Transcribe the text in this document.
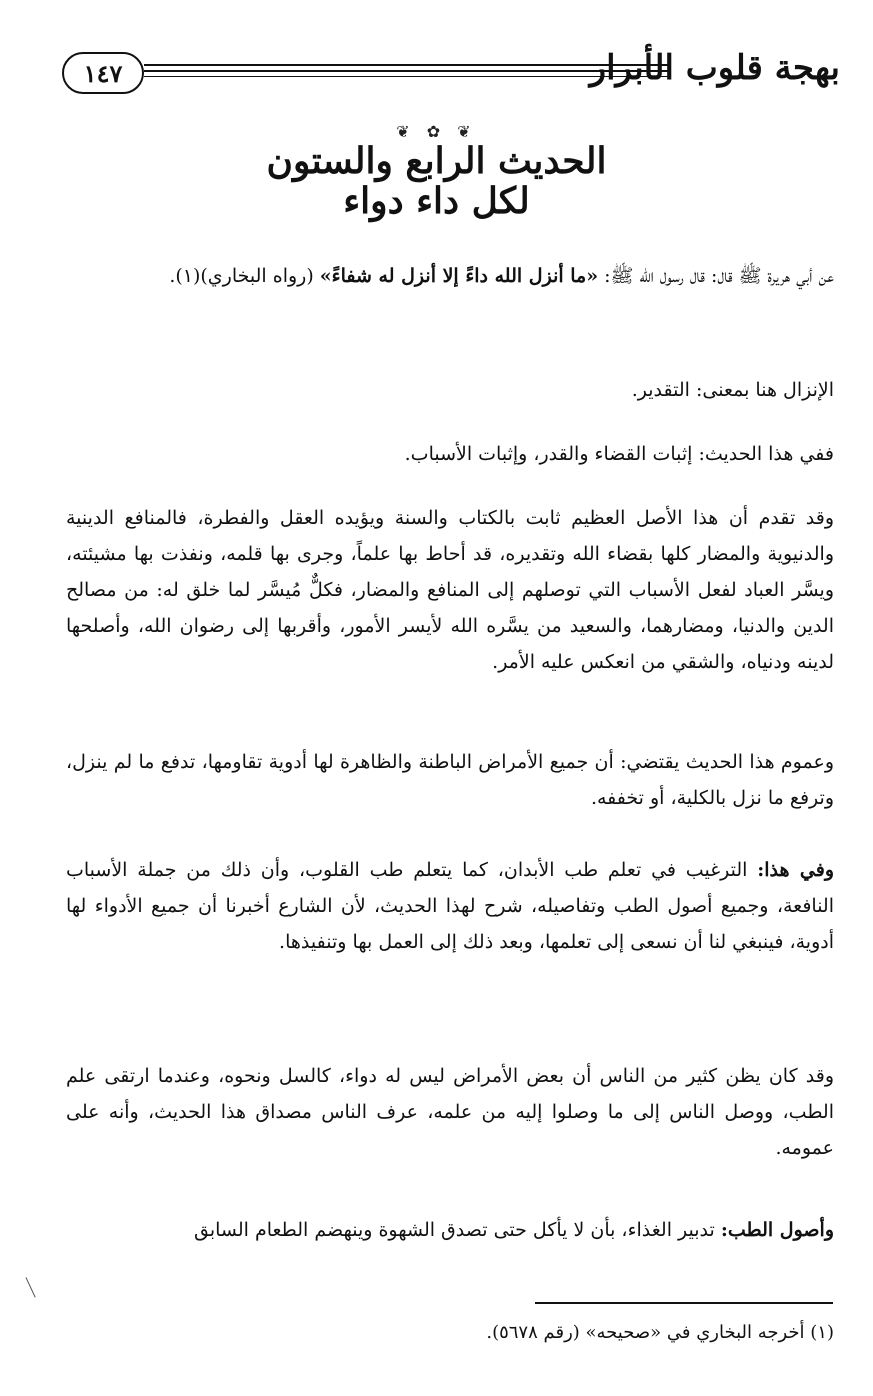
١٤٧	بهجة قلوب الأبرار
❦ ✿ ❦
الحديث الرابع والستون
لكل داء دواء
عن أبي هريرة ﷺ قال: قال رسول الله ﷺ: «ما أنزل الله داءً إلا أنزل له شفاءً» (رواه البخاري)(١).
الإنزال هنا بمعنى: التقدير.
ففي هذا الحديث: إثبات القضاء والقدر، وإثبات الأسباب.
وقد تقدم أن هذا الأصل العظيم ثابت بالكتاب والسنة ويؤيده العقل والفطرة، فالمنافع الدينية والدنيوية والمضار كلها بقضاء الله وتقديره، قد أحاط بها علماً، وجرى بها قلمه، ونفذت بها مشيئته، ويسَّر العباد لفعل الأسباب التي توصلهم إلى المنافع والمضار، فكلٌّ مُيسَّر لما خلق له: من مصالح الدين والدنيا، ومضارهما، والسعيد من يسَّره الله لأيسر الأمور، وأقربها إلى رضوان الله، وأصلحها لدينه ودنياه، والشقي من انعكس عليه الأمر.
وعموم هذا الحديث يقتضي: أن جميع الأمراض الباطنة والظاهرة لها أدوية تقاومها، تدفع ما لم ينزل، وترفع ما نزل بالكلية، أو تخففه.
وفي هذا: الترغيب في تعلم طب الأبدان، كما يتعلم طب القلوب، وأن ذلك من جملة الأسباب النافعة، وجميع أصول الطب وتفاصيله، شرح لهذا الحديث، لأن الشارع أخبرنا أن جميع الأدواء لها أدوية، فينبغي لنا أن نسعى إلى تعلمها، وبعد ذلك إلى العمل بها وتنفيذها.
وقد كان يظن كثير من الناس أن بعض الأمراض ليس له دواء، كالسل ونحوه، وعندما ارتقى علم الطب، ووصل الناس إلى ما وصلوا إليه من علمه، عرف الناس مصداق هذا الحديث، وأنه على عمومه.
وأصول الطب: تدبير الغذاء، بأن لا يأكل حتى تصدق الشهوة وينهضم الطعام السابق
(١) أخرجه البخاري في «صحيحه» (رقم ٥٦٧٨).
